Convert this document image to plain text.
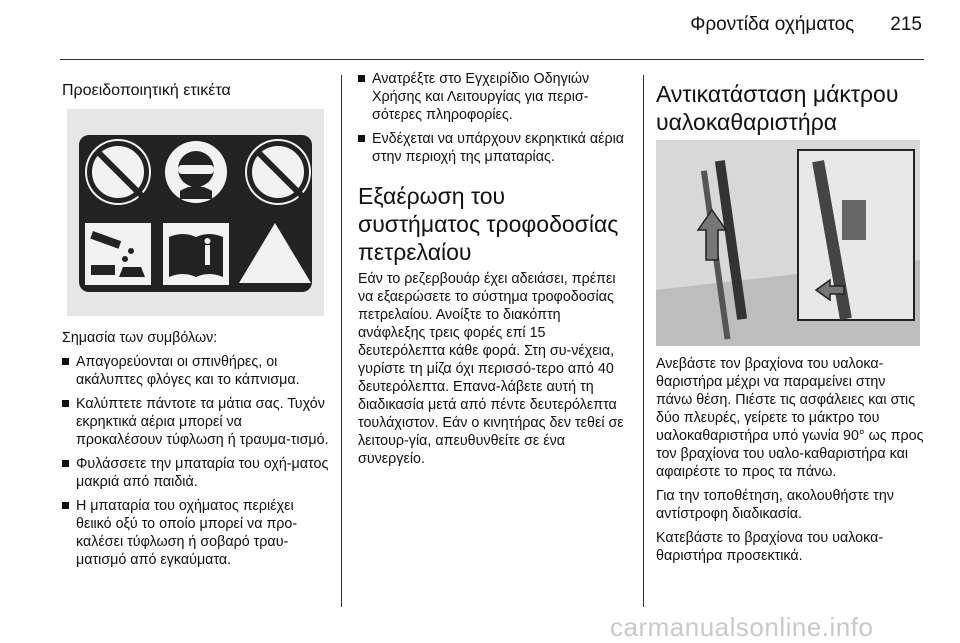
Φροντίδα οχήματος 215
Προειδοποιητική ετικέτα

Σημασία των συμβόλων:

Απαγορεύονται οι σπινθήρες, οι ακάλυπτες φλόγες και το κάπνισμα.
Καλύπτετε πάντοτε τα μάτια σας. Τυχόν εκρηκτικά αέρια μπορεί να προκαλέσουν τύφλωση ή τραυμα-τισμό.
Φυλάσσετε την μπαταρία του οχή-ματος μακριά από παιδιά.
Η μπαταρία του οχήματος περιέχει θειικό οξύ το οποίο μπορεί να προ-καλέσει τύφλωση ή σοβαρό τραυ-ματισμό από εγκαύματα.
Ανατρέξτε στο Εγχειρίδιο Οδηγιών Χρήσης και Λειτουργίας για περισ-σότερες πληροφορίες.
Ενδέχεται να υπάρχουν εκρηκτικά αέρια στην περιοχή της μπαταρίας.
Εξαέρωση του συστήματος τροφοδοσίας πετρελαίου

Εάν το ρεζερβουάρ έχει αδειάσει, πρέπει να εξαερώσετε το σύστημα τροφοδοσίας πετρελαίου. Ανοίξτε το διακόπτη ανάφλεξης τρεις φορές επί 15 δευτερόλεπτα κάθε φορά. Στη συ-νέχεια, γυρίστε τη μίζα όχι περισσό-τερο από 40 δευτερόλεπτα. Επανα-λάβετε αυτή τη διαδικασία μετά από πέντε δευτερόλεπτα τουλάχιστον. Εάν ο κινητήρας δεν τεθεί σε λειτουρ-γία, απευθυνθείτε σε ένα συνεργείο.

Αντικατάσταση μάκτρου υαλοκαθαριστήρα

Ανεβάστε τον βραχίονα του υαλοκα-θαριστήρα μέχρι να παραμείνει στην πάνω θέση. Πιέστε τις ασφάλειες και στις δύο πλευρές, γείρετε το μάκτρο του υαλοκαθαριστήρα υπό γωνία 90° ως προς τον βραχίονα του υαλο-καθαριστήρα και αφαιρέστε το προς τα πάνω.

Για την τοποθέτηση, ακολουθήστε την αντίστροφη διαδικασία.

Κατεβάστε το βραχίονα του υαλοκα-θαριστήρα προσεκτικά.

carmanualsonline.info
